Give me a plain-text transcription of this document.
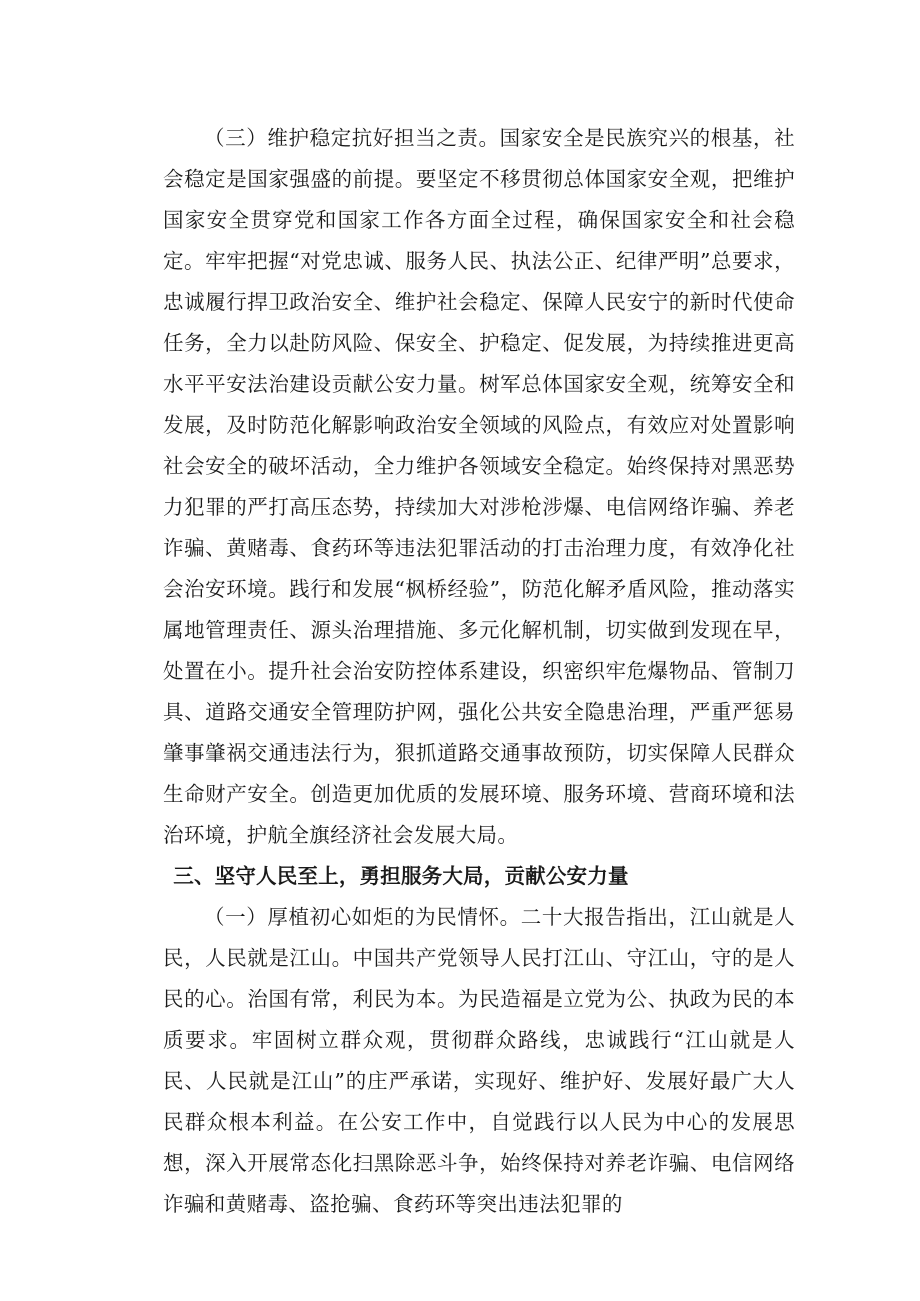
（三）维护稳定抗好担当之责。国家安全是民族究兴的根基，社会稳定是国家强盛的前提。要坚定不移贯彻总体国家安全观，把维护国家安全贯穿党和国家工作各方面全过程，确保国家安全和社会稳定。牢牢把握“对党忠诚、服务人民、执法公正、纪律严明”总要求，忠诚履行捍卫政治安全、维护社会稳定、保障人民安宁的新时代使命任务，全力以赴防风险、保安全、护稳定、促发展，为持续推进更高水平平安法治建设贡献公安力量。树军总体国家安全观，统筹安全和发展，及时防范化解影响政治安全领域的风险点，有效应对处置影响社会安全的破坏活动，全力维护各领域安全稳定。始终保持对黑恶势力犯罪的严打高压态势，持续加大对涉枪涉爆、电信网络诈骗、养老诈骗、黄赌毒、食药环等违法犯罪活动的打击治理力度，有效净化社会治安环境。践行和发展“枫桥经验”，防范化解矛盾风险，推动落实属地管理责任、源头治理措施、多元化解机制，切实做到发现在早，处置在小。提升社会治安防控体系建设，织密织牢危爆物品、管制刀具、道路交通安全管理防护网，强化公共安全隐患治理，严重严惩易肇事肇祸交通违法行为，狠抓道路交通事故预防，切实保障人民群众生命财产安全。创造更加优质的发展环境、服务环境、营商环境和法治环境，护航全旗经济社会发展大局。

三、坚守人民至上，勇担服务大局，贡献公安力量

（一）厚植初心如炬的为民情怀。二十大报告指出，江山就是人民，人民就是江山。中国共产党领导人民打江山、守江山，守的是人民的心。治国有常，利民为本。为民造福是立党为公、执政为民的本质要求。牢固树立群众观，贯彻群众路线，忠诚践行“江山就是人民、人民就是江山”的庄严承诺，实现好、维护好、发展好最广大人民群众根本利益。在公安工作中，自觉践行以人民为中心的发展思想，深入开展常态化扫黑除恶斗争，始终保持对养老诈骗、电信网络诈骗和黄赌毒、盗抢骗、食药环等突出违法犯罪的
